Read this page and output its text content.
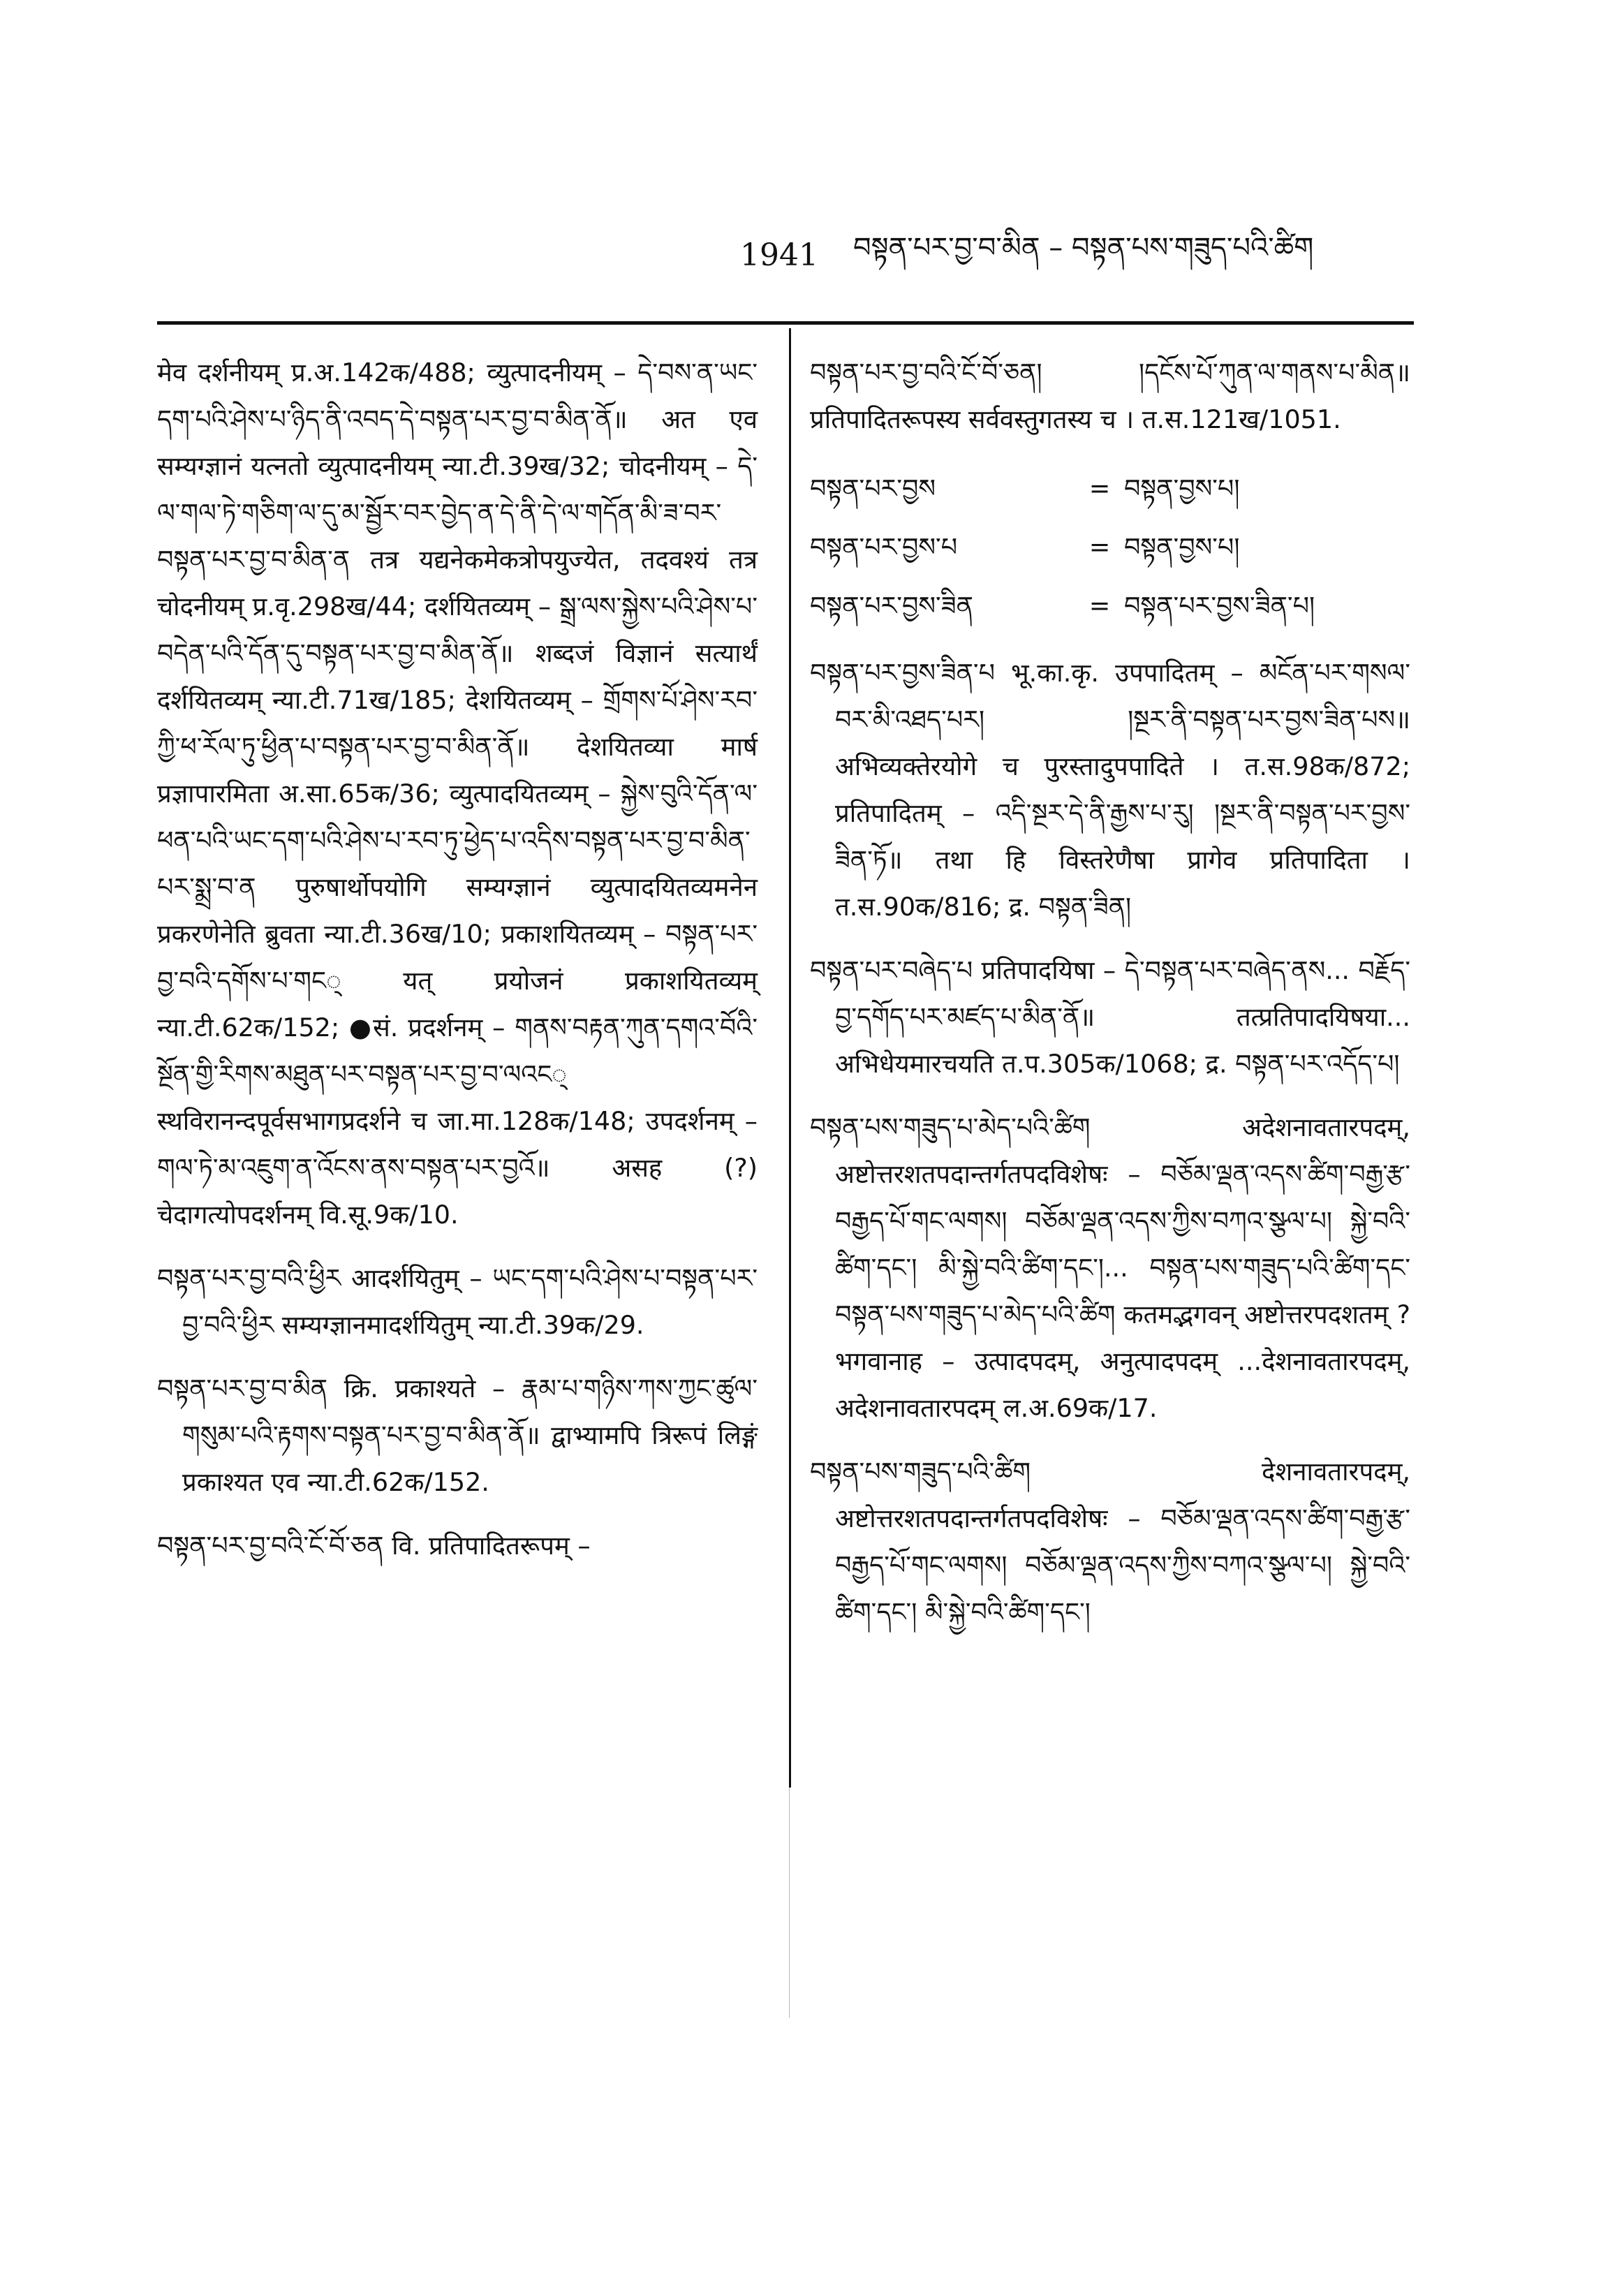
1941 བསྟན་པར་བྱ་བ་མིན – བསྟན་པས་གཟུད་པའི་ཚིག

मेव दर्शनीयम् प्र.अ.142क/488; व्युत्पादनीयम् – དེ་བས་ན་ཡང་དག་པའི་ཤེས་པ་ཉིད་ནི་འབད་དེ་བསྟན་པར་བྱ་བ་མིན་ནོ॥ अत एव सम्यग्ज्ञानं यत्नतो व्युत्पादनीयम् न्या.टी.39ख/32; चोदनीयम् – དེ་ལ་གལ་ཏེ་གཅིག་ལ་དུ་མ་སྦྱོར་བར་བྱེད་ན་དེ་ནི་དེ་ལ་གདོན་མི་ཟ་བར་བསྟན་པར་བྱ་བ་མིན་ན तत्र यद्यनेकमेकत्रोपयुज्येत, तदवश्यं तत्र चोदनीयम् प्र.वृ.298ख/44; दर्शयितव्यम् – སྒྲ་ལས་སྐྱེས་པའི་ཤེས་པ་བདེན་པའི་དོན་དུ་བསྟན་པར་བྱ་བ་མིན་ནོ॥ शब्दजं विज्ञानं सत्यार्थं दर्शयितव्यम् न्या.टी.71ख/185; देशयितव्यम् – གྲོགས་པོ་ཤེས་རབ་ཀྱི་ཕ་རོལ་ཏུ་ཕྱིན་པ་བསྟན་པར་བྱ་བ་མིན་ནོ॥ देशयितव्या मार्ष प्रज्ञापारमिता अ.सा.65क/36; व्युत्पादयितव्यम् – སྐྱེས་བུའི་དོན་ལ་ཕན་པའི་ཡང་དག་པའི་ཤེས་པ་རབ་ཏུ་ཕྱེད་པ་འདིས་བསྟན་པར་བྱ་བ་མིན་པར་སྨྲ་བ་ན पुरुषार्थोपयोगि सम्यग्ज्ञानं व्युत्पादयितव्यमनेन प्रकरणेनेति ब्रुवता न्या.टी.36ख/10; प्रकाशयितव्यम् – བསྟན་པར་བྱ་བའི་དགོས་པ་གང् यत् प्रयोजनं प्रकाशयितव्यम् न्या.टी.62क/152; ●सं. प्रदर्शनम् – གནས་བརྟན་ཀུན་དགའ་བོའི་སྔོན་གྱི་རིགས་མཐུན་པར་བསྟན་པར་བྱ་བ་ལའང् स्थविरानन्दपूर्वसभागप्रदर्शने च जा.मा.128क/148; उपदर्शनम् – གལ་ཏེ་མ་འཇུག་ན་འོངས་ནས་བསྟན་པར་བྱའོ॥ असह (?) चेदागत्योपदर्शनम् वि.सू.9क/10.

བསྟན་པར་བྱ་བའི་ཕྱིར आदर्शयितुम् – ཡང་དག་པའི་ཤེས་པ་བསྟན་པར་བྱ་བའི་ཕྱིར सम्यग्ज्ञानमादर्शयितुम् न्या.टी.39क/29.

བསྟན་པར་བྱ་བ་མིན क्रि. प्रकाश्यते – རྣམ་པ་གཉིས་ཀས་ཀྱང་ཚུལ་གསུམ་པའི་རྟགས་བསྟན་པར་བྱ་བ་མིན་ནོ॥ द्वाभ्यामपि त्रिरूपं लिङ्गं प्रकाश्यत एव न्या.टी.62क/152.

བསྟན་པར་བྱ་བའི་ངོ་བོ་ཅན वि. प्रतिपादितरूपम् –

བསྟན་པར་བྱ་བའི་ངོ་བོ་ཅན། །དངོས་པོ་ཀུན་ལ་གནས་པ་མིན॥ प्रतिपादितरूपस्य सर्ववस्तुगतस्य च । त.स.121ख/1051.

བསྟན་པར་བྱས	= བསྟན་བྱས་པ།
བསྟན་པར་བྱས་པ	= བསྟན་བྱས་པ།
བསྟན་པར་བྱས་ཟིན	= བསྟན་པར་བྱས་ཟིན་པ།

བསྟན་པར་བྱས་ཟིན་པ भू.का.कृ. उपपादितम् – མངོན་པར་གསལ་བར་མི་འཐད་པར། །སྔར་ནི་བསྟན་པར་བྱས་ཟིན་པས॥ अभिव्यक्तेरयोगे च पुरस्तादुपपादिते । त.स.98क/872; प्रतिपादितम् – འདི་སྔར་དེ་ནི་རྒྱས་པ་རུ། །སྔར་ནི་བསྟན་པར་བྱས་ཟིན་ཏོ॥ तथा हि विस्तरेणैषा प्रागेव प्रतिपादिता । त.स.90क/816; द्र. བསྟན་ཟིན།

བསྟན་པར་བཞེད་པ प्रतिपादयिषा – དེ་བསྟན་པར་བཞེད་ནས... བརྗོད་བྱ་དགོད་པར་མཛད་པ་མིན་ནོ॥ तत्प्रतिपादयिषया... अभिधेयमारचयति त.प.305क/1068; द्र. བསྟན་པར་འདོད་པ།

བསྟན་པས་གཟུད་པ་མེད་པའི་ཚིག अदेशनावतारपदम्, अष्टोत्तरशतपदान्तर्गतपदविशेषः – བཅོམ་ལྡན་འདས་ཚིག་བརྒྱ་རྩ་བརྒྱད་པོ་གང་ལགས། བཅོམ་ལྡན་འདས་ཀྱིས་བཀའ་སྩལ་པ། སྐྱེ་བའི་ཚིག་དང་། མི་སྐྱེ་བའི་ཚིག་དང་།... བསྟན་པས་གཟུད་པའི་ཚིག་དང་ བསྟན་པས་གཟུད་པ་མེད་པའི་ཚིག कतमद्भगवन् अष्टोत्तरपदशतम् ? भगवानाह – उत्पादपदम्, अनुत्पादपदम् ...देशनावतारपदम्, अदेशनावतारपदम् ल.अ.69क/17.

བསྟན་པས་གཟུད་པའི་ཚིག देशनावतारपदम्, अष्टोत्तरशतपदान्तर्गतपदविशेषः – བཅོམ་ལྡན་འདས་ཚིག་བརྒྱ་རྩ་བརྒྱད་པོ་གང་ལགས། བཅོམ་ལྡན་འདས་ཀྱིས་བཀའ་སྩལ་པ། སྐྱེ་བའི་ཚིག་དང་། མི་སྐྱེ་བའི་ཚིག་དང་།
